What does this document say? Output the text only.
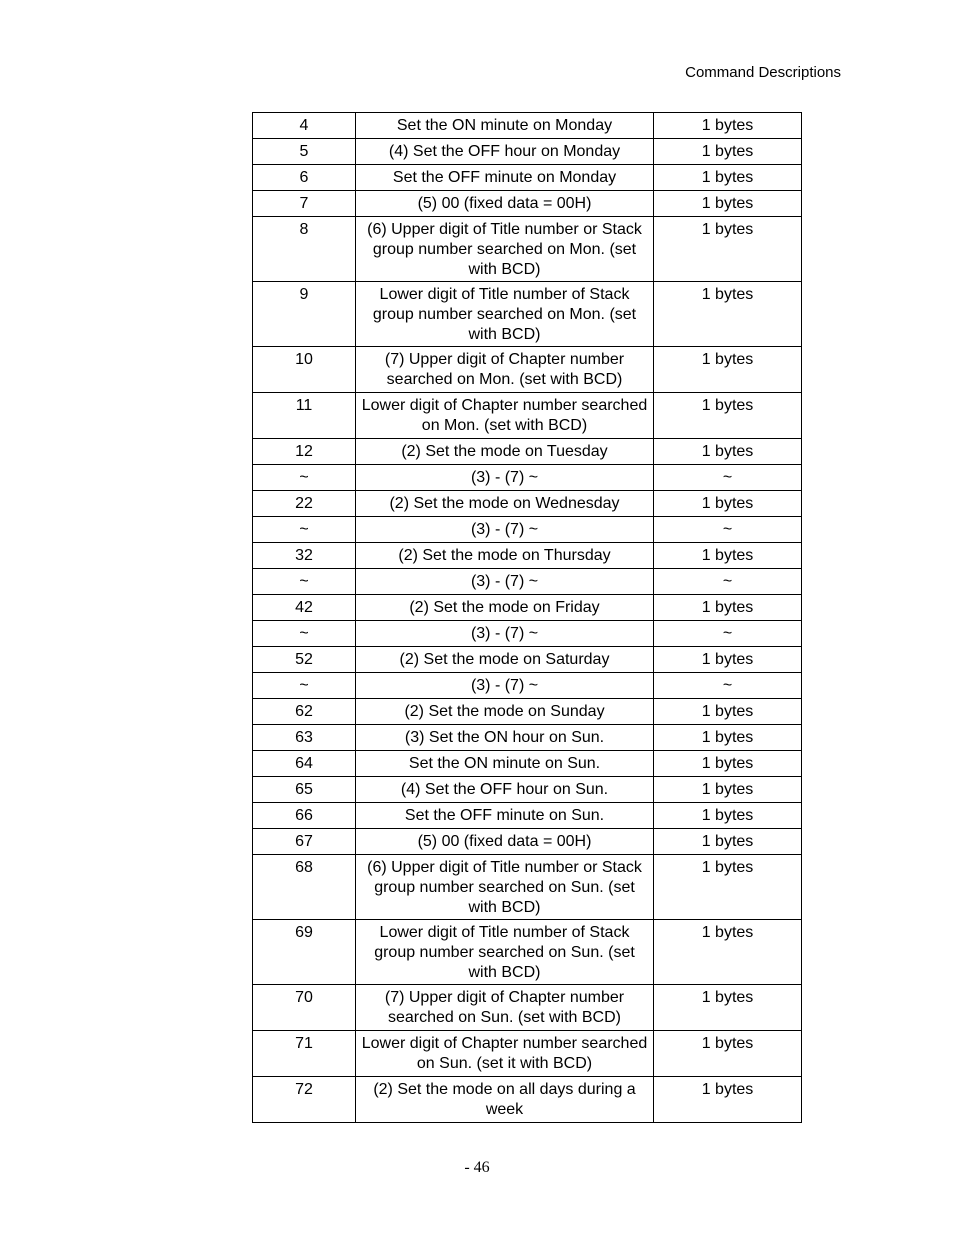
Command Descriptions
4	Set the ON minute on Monday	1 bytes
5	(4) Set the OFF hour on Monday	1 bytes
6	Set the OFF minute on Monday	1 bytes
7	(5) 00 (fixed data = 00H)	1 bytes
8	(6) Upper digit of Title number or Stack group number searched on Mon. (set with BCD)	1 bytes
9	Lower digit of Title number of Stack group number searched on Mon. (set with BCD)	1 bytes
10	(7) Upper digit of Chapter number searched on Mon. (set with BCD)	1 bytes
11	Lower digit of Chapter number searched on Mon. (set with BCD)	1 bytes
12	(2) Set the mode on Tuesday	1 bytes
~	(3) - (7) ~	~
22	(2) Set the mode on Wednesday	1 bytes
~	(3) - (7) ~	~
32	(2) Set the mode on Thursday	1 bytes
~	(3) - (7) ~	~
42	(2) Set the mode on Friday	1 bytes
~	(3) - (7) ~	~
52	(2) Set the mode on Saturday	1 bytes
~	(3) - (7) ~	~
62	(2) Set the mode on Sunday	1 bytes
63	(3) Set the ON hour on Sun.	1 bytes
64	Set the ON minute on Sun.	1 bytes
65	(4) Set the OFF hour on Sun.	1 bytes
66	Set the OFF minute on Sun.	1 bytes
67	(5) 00 (fixed data = 00H)	1 bytes
68	(6) Upper digit of Title number or Stack group number searched on Sun. (set with BCD)	1 bytes
69	Lower digit of Title number of Stack group number searched on Sun. (set with BCD)	1 bytes
70	(7) Upper digit of Chapter number searched on Sun. (set with BCD)	1 bytes
71	Lower digit of Chapter number searched on Sun. (set it with BCD)	1 bytes
72	(2) Set the mode on all days during a week	1 bytes
- 46
